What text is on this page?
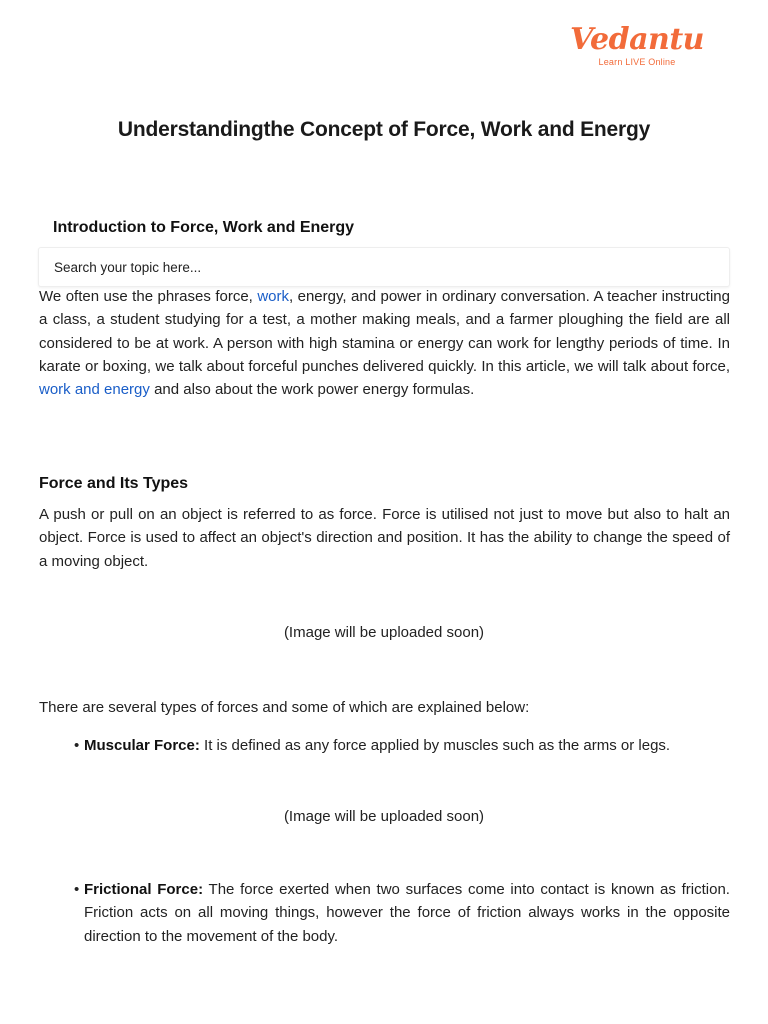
Vedantu
Learn LIVE Online
Understandingthe Concept of Force, Work and Energy
Introduction to Force, Work and Energy
Search your topic here...

We often use the phrases force, work, energy, and power in ordinary conversation. A teacher instructing a class, a student studying for a test, a mother making meals, and a farmer ploughing the field are all considered to be at work. A person with high stamina or energy can work for lengthy periods of time. In karate or boxing, we talk about forceful punches delivered quickly. In this article, we will talk about force, work and energy and also about the work power energy formulas.

Force and Its Types

A push or pull on an object is referred to as force. Force is utilised not just to move but also to halt an object. Force is used to affect an object's direction and position. It has the ability to change the speed of a moving object.

(Image will be uploaded soon)

There are several types of forces and some of which are explained below:

• Muscular Force: It is defined as any force applied by muscles such as the arms or legs.

(Image will be uploaded soon)

• Frictional Force: The force exerted when two surfaces come into contact is known as friction. Friction acts on all moving things, however the force of friction always works in the opposite direction to the movement of the body.
